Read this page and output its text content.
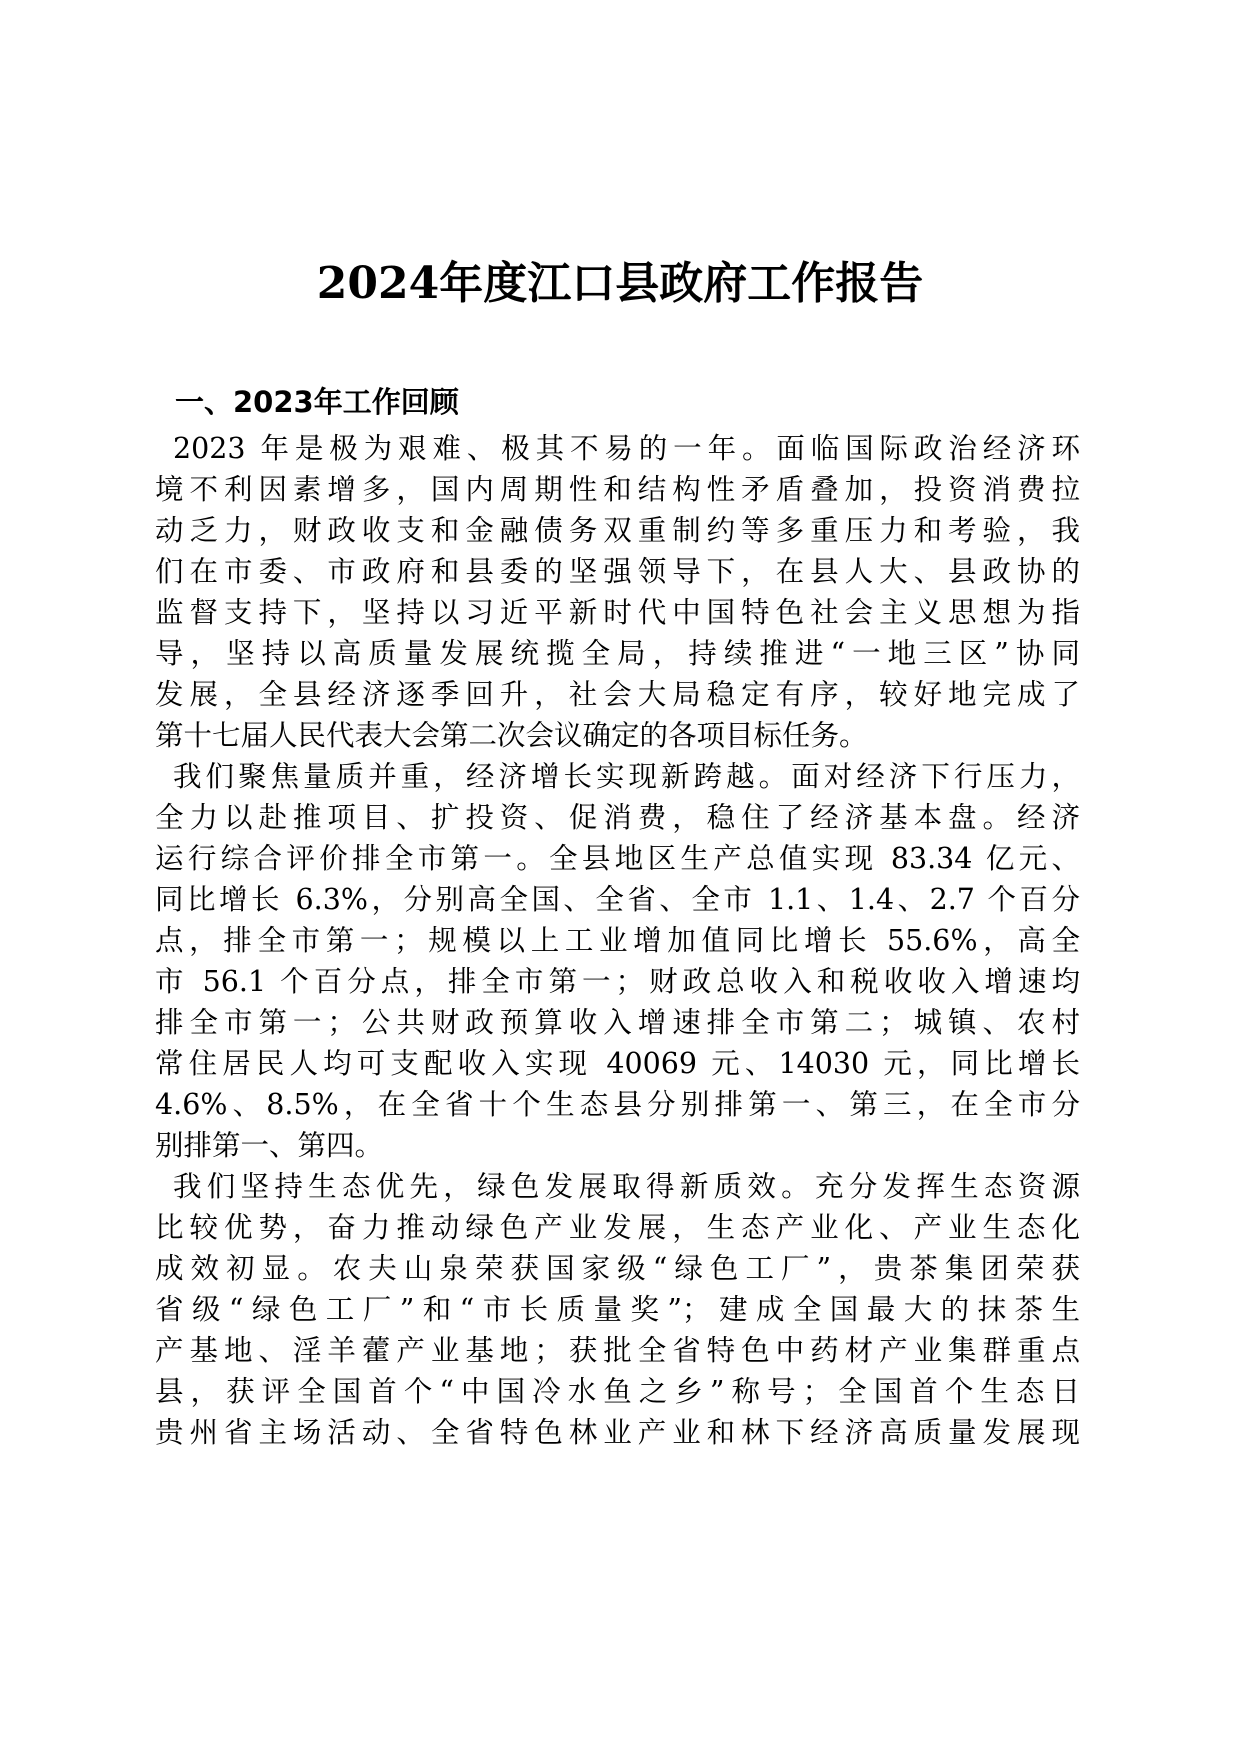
2024年度江口县政府工作报告
一、2023年工作回顾
2023 年是极为艰难、极其不易的一年。面临国际政治经济环
境不利因素增多，国内周期性和结构性矛盾叠加，投资消费拉
动乏力，财政收支和金融债务双重制约等多重压力和考验，我
们在市委、市政府和县委的坚强领导下，在县人大、县政协的
监督支持下，坚持以习近平新时代中国特色社会主义思想为指
导，坚持以高质量发展统揽全局，持续推进“一地三区”协同
发展，全县经济逐季回升，社会大局稳定有序，较好地完成了
第十七届人民代表大会第二次会议确定的各项目标任务。
我们聚焦量质并重，经济增长实现新跨越。面对经济下行压力，
全力以赴推项目、扩投资、促消费，稳住了经济基本盘。经济
运行综合评价排全市第一。全县地区生产总值实现 83.34 亿元、
同比增长 6.3%，分别高全国、全省、全市 1.1、1.4、2.7 个百分
点，排全市第一；规模以上工业增加值同比增长 55.6%，高全
市 56.1 个百分点，排全市第一；财政总收入和税收收入增速均
排全市第一；公共财政预算收入增速排全市第二；城镇、农村
常住居民人均可支配收入实现 40069 元、14030 元，同比增长
4.6%、8.5%，在全省十个生态县分别排第一、第三，在全市分
别排第一、第四。
我们坚持生态优先，绿色发展取得新质效。充分发挥生态资源
比较优势，奋力推动绿色产业发展，生态产业化、产业生态化
成效初显。农夫山泉荣获国家级“绿色工厂”，贵茶集团荣获
省级“绿色工厂”和“市长质量奖”；建成全国最大的抹茶生
产基地、淫羊藿产业基地；获批全省特色中药材产业集群重点
县，获评全国首个“中国冷水鱼之乡”称号；全国首个生态日
贵州省主场活动、全省特色林业产业和林下经济高质量发展现
